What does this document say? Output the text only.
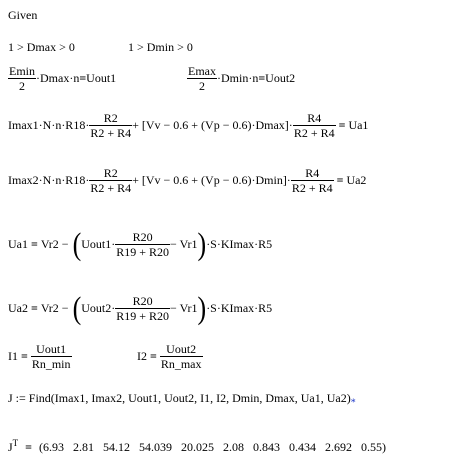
Given
1 > Dmax > 0	1 > Dmin > 0
$\frac{Emin}{2} \cdot Dmax\cdot n$ = Uout1	$\frac{Emax}{2} \cdot Dmin\cdot n$ = Uout2
$Imax1\cdot N\cdot n\cdot R18\cdot \frac{R2}{R2 + R4} + [Vv - 0.6 + (Vp - 0.6)\cdot Dmax]\cdot \frac{R4}{R2 + R4} = Ua1$
$Imax2\cdot N\cdot n\cdot R18\cdot \frac{R2}{R2 + R4} + [Vv - 0.6 + (Vp - 0.6)\cdot Dmin]\cdot \frac{R4}{R2 + R4} = Ua2$
Ua1 = Vr2 − ( Uout1· $\frac{R20}{R19 + R20} - Vr1$ ) ·S·KImax·R5
Ua2 = Vr2 − ( Uout2· $\frac{R20}{R19 + R20} - Vr1$ ) ·S·KImax·R5
$I1 = \frac{\text{Uout1}}{Rn\_\min}$	$I2 = \frac{\text{Uout2}}{Rn\_\max}$
J := Find(Imax1, Imax2, Uout1, Uout2, I1, I2, Dmin, Dmax, Ua1, $Ua2)_*$
$J^T = (6.93$   2.81   54.12   54.039   20.025   2.08   0.843   0.434   2.692   0.55)
